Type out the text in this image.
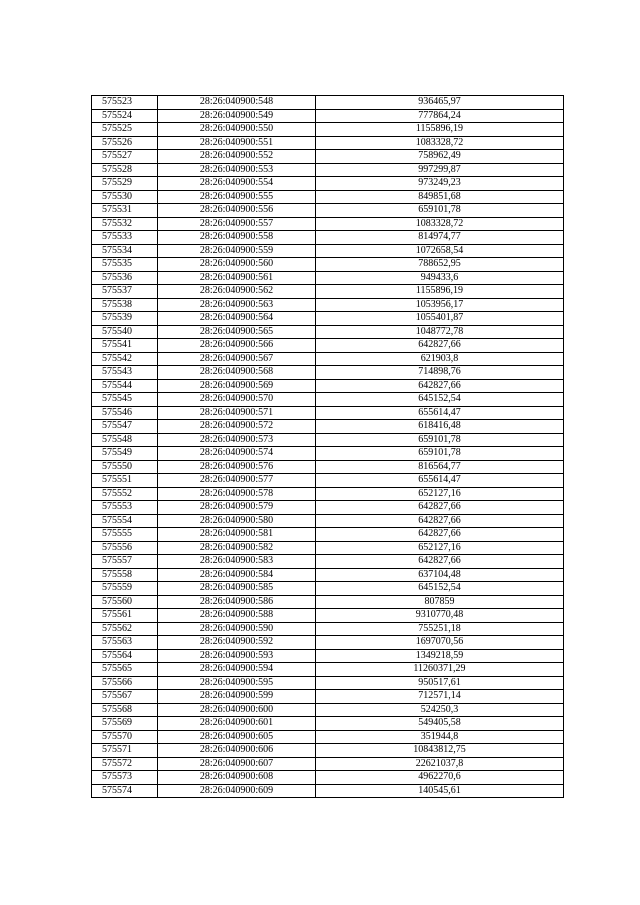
575523	28:26:040900:548	936465,97
575524	28:26:040900:549	777864,24
575525	28:26:040900:550	1155896,19
575526	28:26:040900:551	1083328,72
575527	28:26:040900:552	758962,49
575528	28:26:040900:553	997299,87
575529	28:26:040900:554	973249,23
575530	28:26:040900:555	849851,68
575531	28:26:040900:556	659101,78
575532	28:26:040900:557	1083328,72
575533	28:26:040900:558	814974,77
575534	28:26:040900:559	1072658,54
575535	28:26:040900:560	788652,95
575536	28:26:040900:561	949433,6
575537	28:26:040900:562	1155896,19
575538	28:26:040900:563	1053956,17
575539	28:26:040900:564	1055401,87
575540	28:26:040900:565	1048772,78
575541	28:26:040900:566	642827,66
575542	28:26:040900:567	621903,8
575543	28:26:040900:568	714898,76
575544	28:26:040900:569	642827,66
575545	28:26:040900:570	645152,54
575546	28:26:040900:571	655614,47
575547	28:26:040900:572	618416,48
575548	28:26:040900:573	659101,78
575549	28:26:040900:574	659101,78
575550	28:26:040900:576	816564,77
575551	28:26:040900:577	655614,47
575552	28:26:040900:578	652127,16
575553	28:26:040900:579	642827,66
575554	28:26:040900:580	642827,66
575555	28:26:040900:581	642827,66
575556	28:26:040900:582	652127,16
575557	28:26:040900:583	642827,66
575558	28:26:040900:584	637104,48
575559	28:26:040900:585	645152,54
575560	28:26:040900:586	807859
575561	28:26:040900:588	9310770,48
575562	28:26:040900:590	755251,18
575563	28:26:040900:592	1697070,56
575564	28:26:040900:593	1349218,59
575565	28:26:040900:594	11260371,29
575566	28:26:040900:595	950517,61
575567	28:26:040900:599	712571,14
575568	28:26:040900:600	524250,3
575569	28:26:040900:601	549405,58
575570	28:26:040900:605	351944,8
575571	28:26:040900:606	10843812,75
575572	28:26:040900:607	22621037,8
575573	28:26:040900:608	4962270,6
575574	28:26:040900:609	140545,61
